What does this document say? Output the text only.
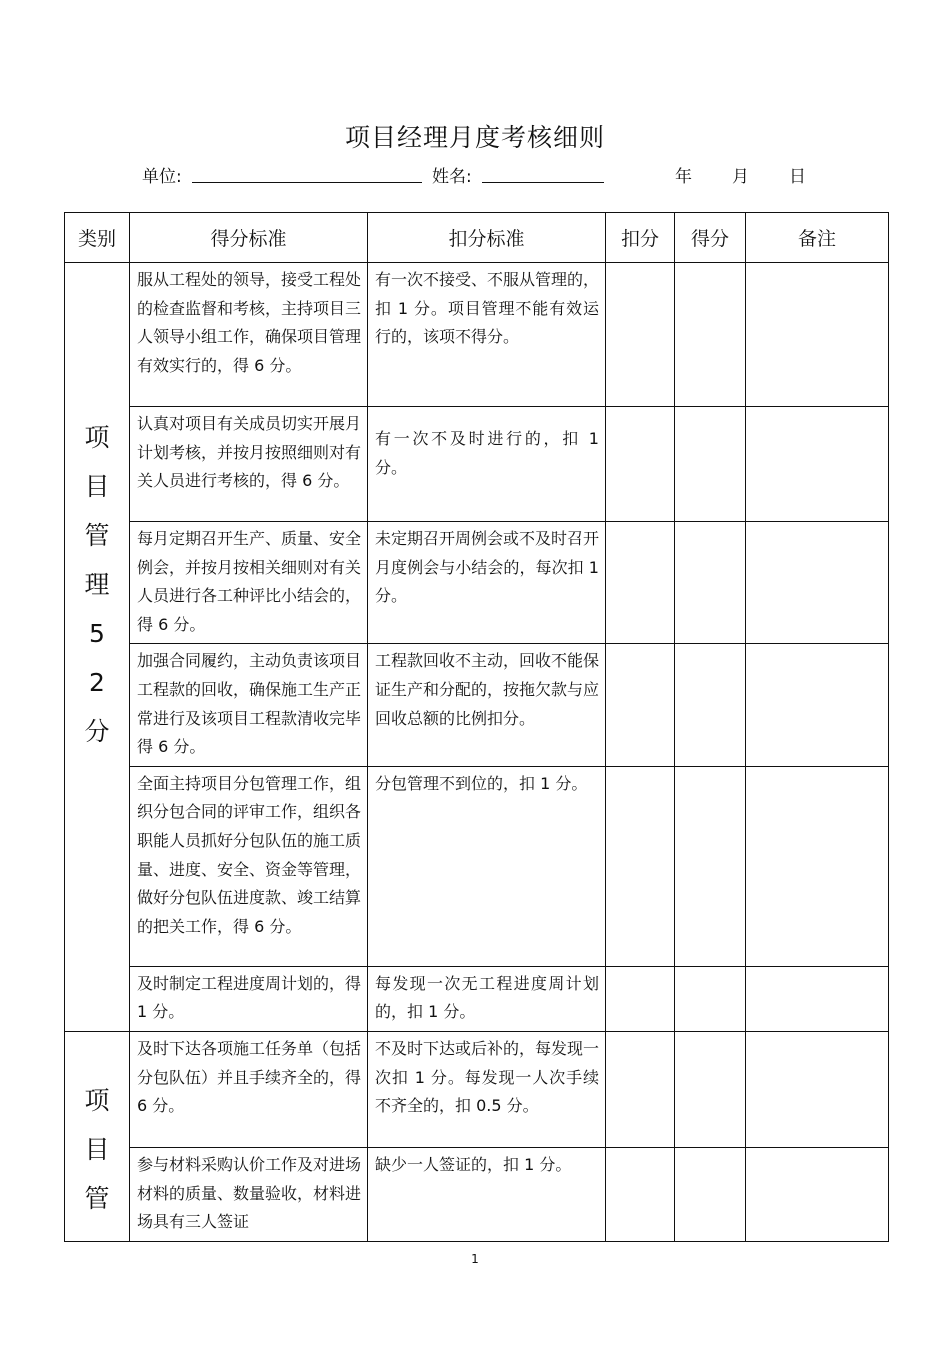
项目经理月度考核细则
单位:	姓名:	年 月 日
类别	得分标准	扣分标准	扣分	得分	备注

项目管理52分	服从工程处的领导，接受工程处的检查监督和考核，主持项目三人领导小组工作，确保项目管理有效实行的，得 6 分。	有一次不接受、不服从管理的，扣 1 分。项目管理不能有效运行的，该项不得分。			

	认真对项目有关成员切实开展月计划考核，并按月按照细则对有关人员进行考核的，得 6 分。	有一次不及时进行的，扣 1 分。			

	每月定期召开生产、质量、安全例会，并按月按相关细则对有关人员进行各工种评比小结会的，得 6 分。	未定期召开周例会或不及时召开月度例会与小结会的，每次扣 1 分。			

	加强合同履约，主动负责该项目工程款的回收，确保施工生产正常进行及该项目工程款清收完毕得 6 分。	工程款回收不主动，回收不能保证生产和分配的，按拖欠款与应回收总额的比例扣分。			

	全面主持项目分包管理工作，组织分包合同的评审工作，组织各职能人员抓好分包队伍的施工质量、进度、安全、资金等管理，做好分包队伍进度款、竣工结算的把关工作，得 6 分。	分包管理不到位的，扣 1 分。			

	及时制定工程进度周计划的，得 1 分。	每发现一次无工程进度周计划的，扣 1 分。			

项目管	及时下达各项施工任务单（包括分包队伍）并且手续齐全的，得 6 分。	不及时下达或后补的，每发现一次扣 1 分。每发现一人次手续不齐全的，扣 0.5 分。			

	参与材料采购认价工作及对进场材料的质量、数量验收，材料进场具有三人签证	缺少一人签证的，扣 1 分。			

1
